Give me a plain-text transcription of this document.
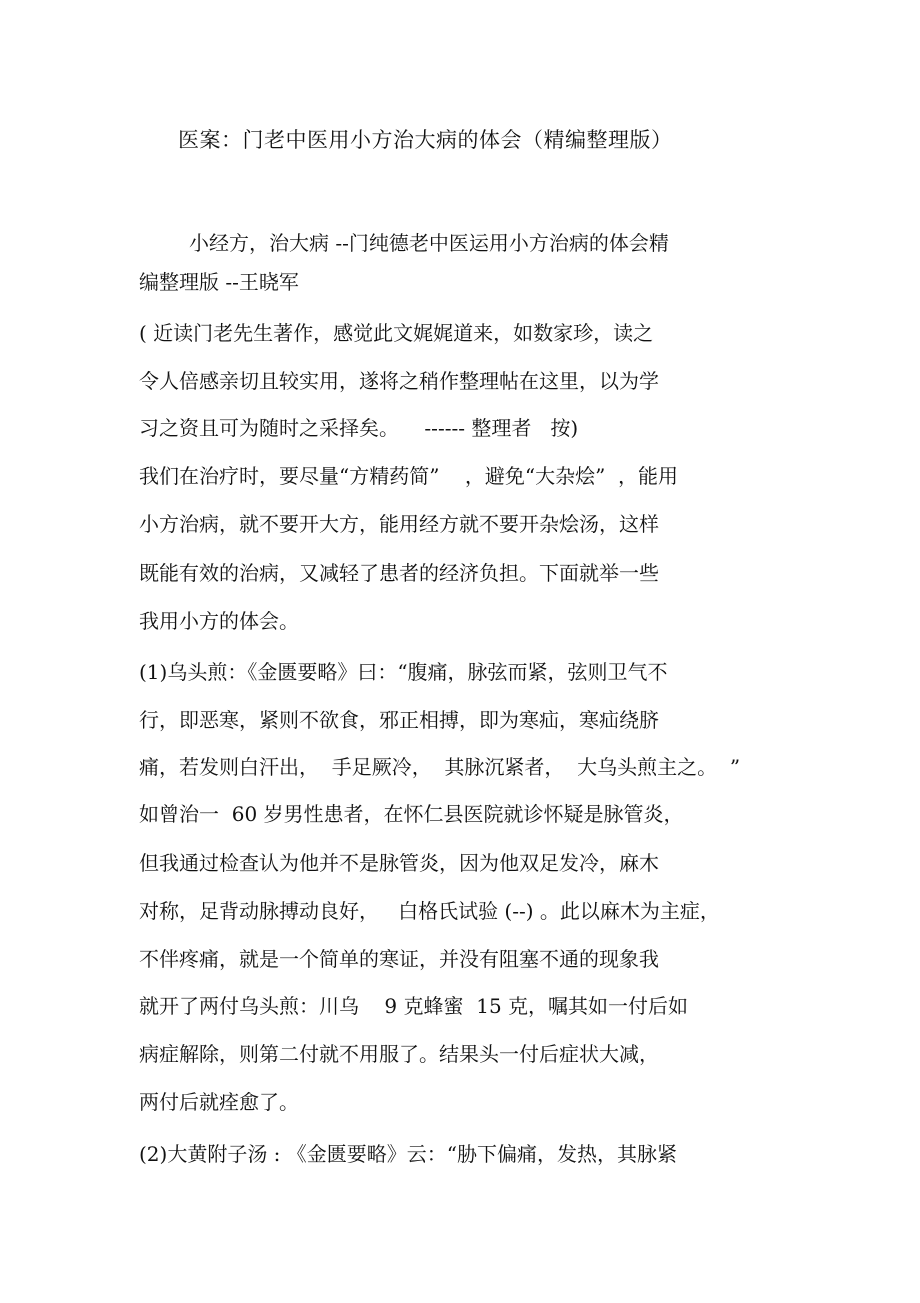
医案：门老中医用小方治大病的体会（精编整理版）
小经方，治大病 --门纯德老中医运用小方治病的体会精
编整理版 --王晓军
( 近读门老先生著作，感觉此文娓娓道来，如数家珍，读之
令人倍感亲切且较实用，遂将之稍作整理帖在这里，以为学
习之资且可为随时之采择矣。    ------ 整理者   按)
我们在治疗时，要尽量“方精药简”    ，避免“大杂烩”  ，能用
小方治病，就不要开大方，能用经方就不要开杂烩汤，这样
既能有效的治病，又减轻了患者的经济负担。下面就举一些
我用小方的体会。
(1)乌头煎：《金匮要略》曰：“腹痛，脉弦而紧，弦则卫气不
行，即恶寒，紧则不欲食，邪正相搏，即为寒疝，寒疝绕脐
痛，若发则白汗出，  手足厥冷，  其脉沉紧者，  大乌头煎主之。  ”
如曾治一  60 岁男性患者，在怀仁县医院就诊怀疑是脉管炎，
但我通过检查认为他并不是脉管炎，因为他双足发冷，麻木
对称，足背动脉搏动良好，   白格氏试验 (--) 。此以麻木为主症，
不伴疼痛，就是一个简单的寒证，并没有阻塞不通的现象我
就开了两付乌头煎：川乌    9 克蜂蜜  15 克，嘱其如一付后如
病症解除，则第二付就不用服了。结果头一付后症状大减，
两付后就痊愈了。
(2)大黄附子汤 : 《金匮要略》云：“胁下偏痛，发热，其脉紧
